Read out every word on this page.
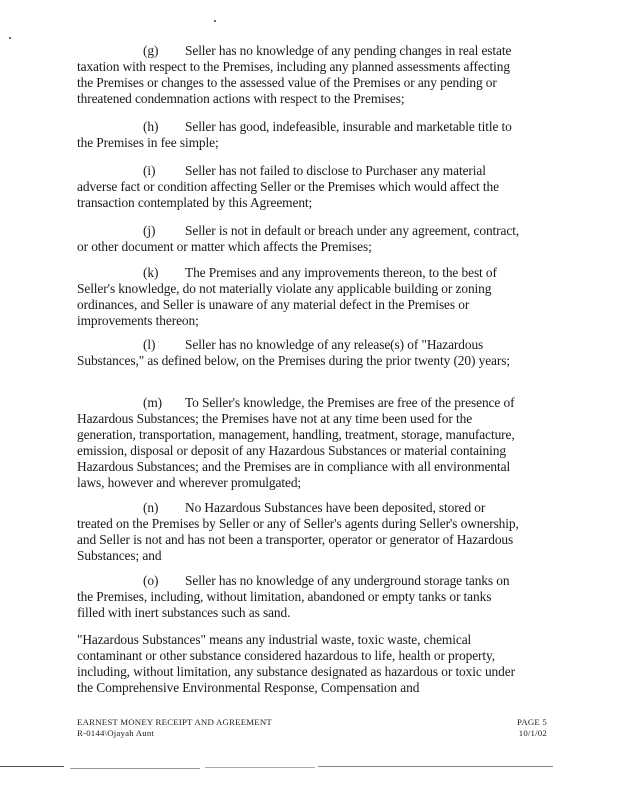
(g) Seller has no knowledge of any pending changes in real estate taxation with respect to the Premises, including any planned assessments affecting the Premises or changes to the assessed value of the Premises or any pending or threatened condemnation actions with respect to the Premises;

(h) Seller has good, indefeasible, insurable and marketable title to the Premises in fee simple;

(i) Seller has not failed to disclose to Purchaser any material adverse fact or condition affecting Seller or the Premises which would affect the transaction contemplated by this Agreement;

(j) Seller is not in default or breach under any agreement, contract, or other document or matter which affects the Premises;

(k) The Premises and any improvements thereon, to the best of Seller's knowledge, do not materially violate any applicable building or zoning ordinances, and Seller is unaware of any material defect in the Premises or improvements thereon;

(l) Seller has no knowledge of any release(s) of "Hazardous Substances," as defined below, on the Premises during the prior twenty (20) years;

(m) To Seller's knowledge, the Premises are free of the presence of Hazardous Substances; the Premises have not at any time been used for the generation, transportation, management, handling, treatment, storage, manufacture, emission, disposal or deposit of any Hazardous Substances or material containing Hazardous Substances; and the Premises are in compliance with all environmental laws, however and wherever promulgated;

(n) No Hazardous Substances have been deposited, stored or treated on the Premises by Seller or any of Seller's agents during Seller's ownership, and Seller is not and has not been a transporter, operator or generator of Hazardous Substances; and

(o) Seller has no knowledge of any underground storage tanks on the Premises, including, without limitation, abandoned or empty tanks or tanks filled with inert substances such as sand.

"Hazardous Substances" means any industrial waste, toxic waste, chemical contaminant or other substance considered hazardous to life, health or property, including, without limitation, any substance designated as hazardous or toxic under the Comprehensive Environmental Response, Compensation and

EARNEST MONEY RECEIPT AND AGREEMENT
R-0144\Ojayah Aunt
PAGE 5
10/1/02
